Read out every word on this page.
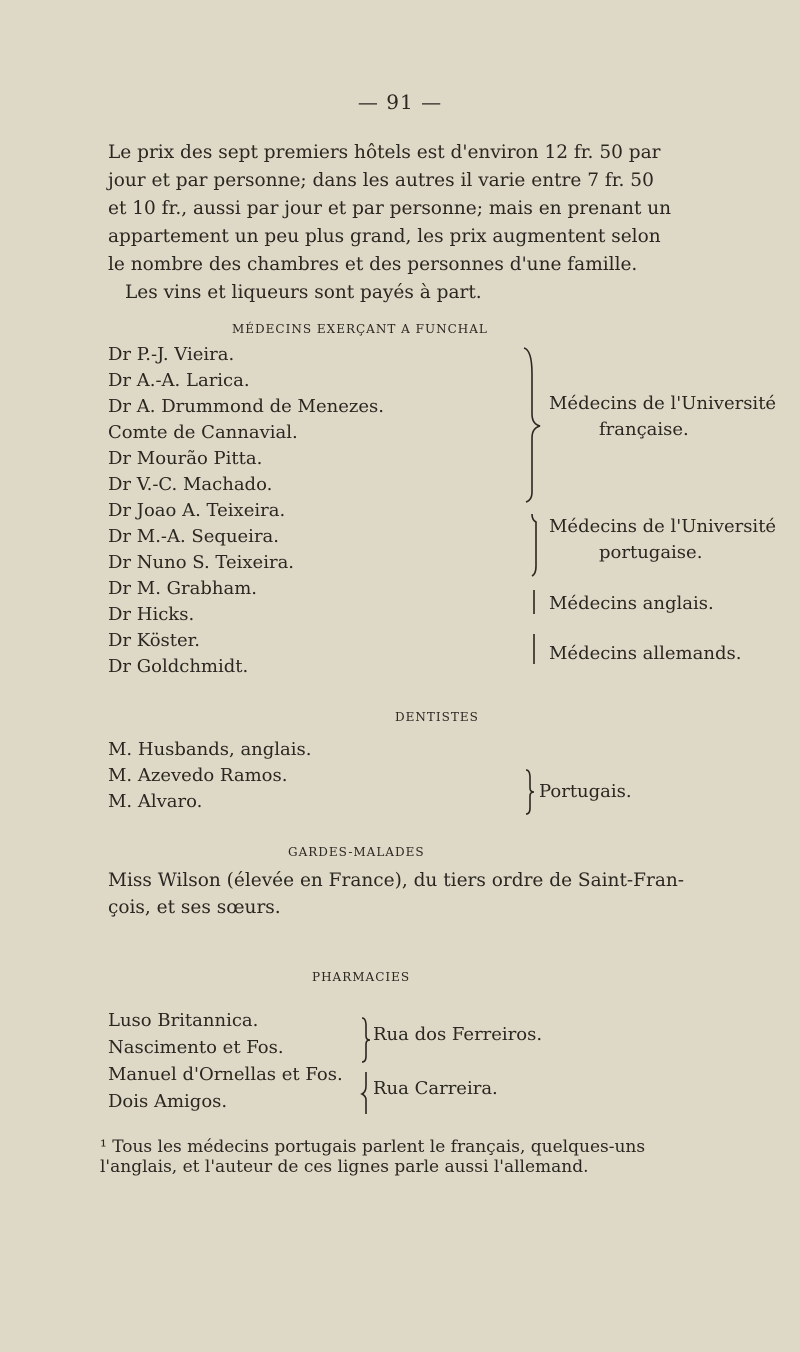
— 91 —
Le prix des sept premiers hôtels est d'environ 12 fr. 50 par
jour et par personne; dans les autres il varie entre 7 fr. 50
et 10 fr., aussi par jour et par personne; mais en prenant un
appartement un peu plus grand, les prix augmentent selon
le nombre des chambres et des personnes d'une famille.
Les vins et liqueurs sont payés à part.
MÉDECINS EXERÇANT A FUNCHAL
Dr P.-J. Vieira.
Dr A.-A. Larica.
Dr A. Drummond de Menezes.
Comte de Cannavial.
Dr Mourão Pitta.
Dr V.-C. Machado.
Dr Joao A. Teixeira.
Dr M.-A. Sequeira.
Dr Nuno S. Teixeira.
Dr M. Grabham.
Dr Hicks.
Dr Köster.
Dr Goldchmidt.
Médecins de l'Université
française.
Médecins de l'Université
portugaise.
Médecins anglais.
Médecins allemands.
DENTISTES
M. Husbands, anglais.
M. Azevedo Ramos.
M. Alvaro.	Portugais.
GARDES-MALADES
Miss Wilson (élevée en France), du tiers ordre de Saint-Fran-
çois, et ses sœurs.
PHARMACIES
Luso Britannica.
Nascimento et Fos.
Manuel d'Ornellas et Fos.
Dois Amigos.
Rua dos Ferreiros.
Rua Carreira.
¹ Tous les médecins portugais parlent le français, quelques-uns
l'anglais, et l'auteur de ces lignes parle aussi l'allemand.
